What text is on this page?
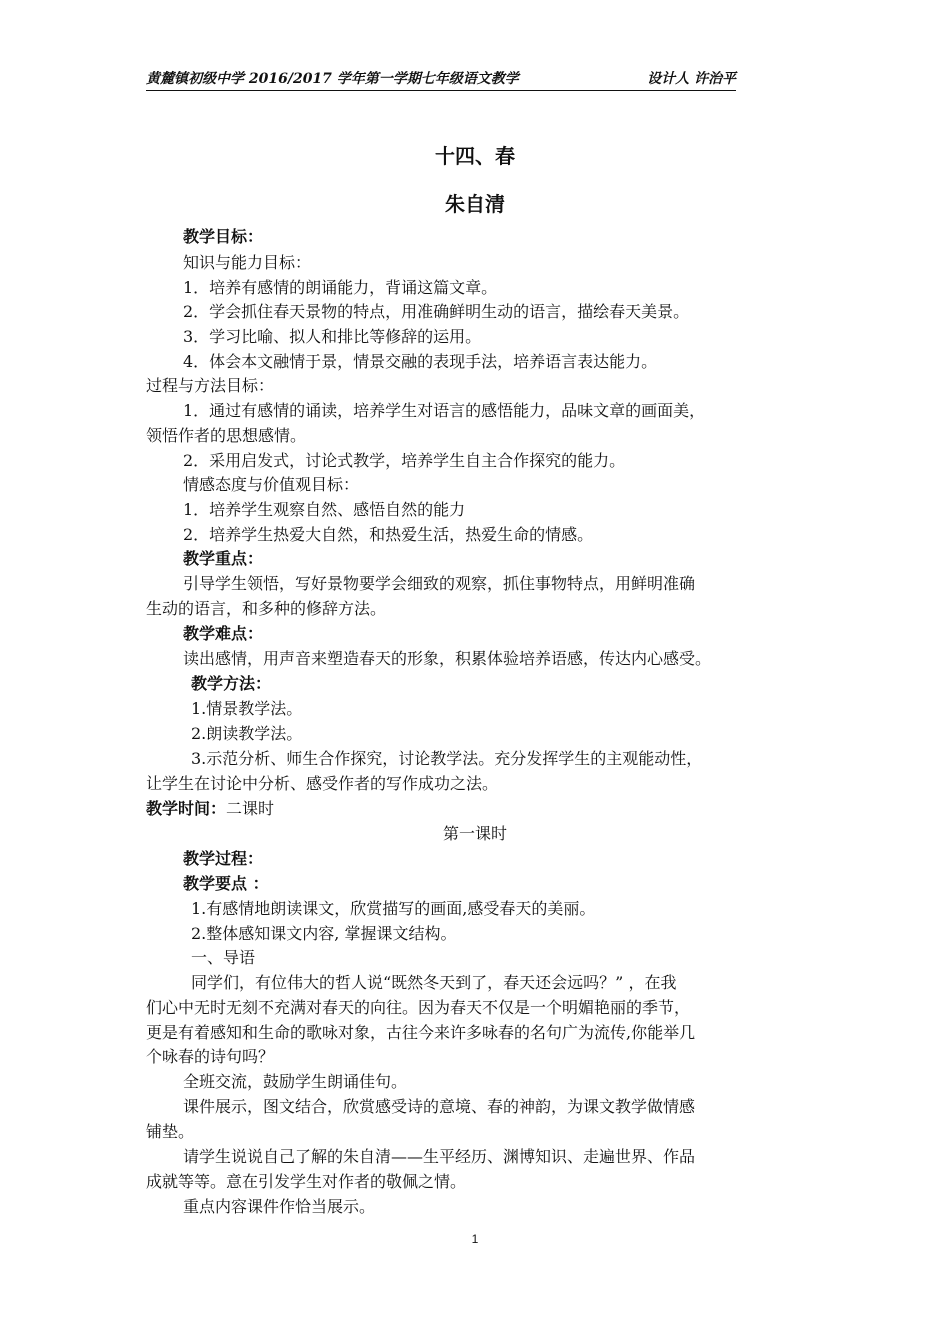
黄麓镇初级中学 2016/2017 学年第一学期七年级语文教学	设计人 许治平
十四、春
朱自清
教学目标：
知识与能力目标：
1．培养有感情的朗诵能力，背诵这篇文章。
2．学会抓住春天景物的特点，用准确鲜明生动的语言，描绘春天美景。
3．学习比喻、拟人和排比等修辞的运用。
4．体会本文融情于景，情景交融的表现手法，培养语言表达能力。
过程与方法目标：
1．通过有感情的诵读，培养学生对语言的感悟能力，品味文章的画面美，
领悟作者的思想感情。
2．采用启发式，讨论式教学，培养学生自主合作探究的能力。
情感态度与价值观目标：
1．培养学生观察自然、感悟自然的能力
2．培养学生热爱大自然，和热爱生活，热爱生命的情感。
教学重点：
引导学生领悟，写好景物要学会细致的观察，抓住事物特点，用鲜明准确
生动的语言，和多种的修辞方法。
教学难点：
读出感情，用声音来塑造春天的形象，积累体验培养语感，传达内心感受。
教学方法：
1.情景教学法。
2.朗读教学法。
3.示范分析、师生合作探究，讨论教学法。充分发挥学生的主观能动性，
让学生在讨论中分析、感受作者的写作成功之法。
教学时间：二课时
第一课时
教学过程：
教学要点 ：
1.有感情地朗读课文，欣赏描写的画面,感受春天的美丽。
2.整体感知课文内容, 掌握课文结构。
一、导语
同学们，有位伟大的哲人说“既然冬天到了，春天还会远吗？” ，在我
们心中无时无刻不充满对春天的向往。因为春天不仅是一个明媚艳丽的季节，
更是有着感知和生命的歌咏对象，古往今来许多咏春的名句广为流传,你能举几
个咏春的诗句吗？
全班交流，鼓励学生朗诵佳句。
课件展示，图文结合，欣赏感受诗的意境、春的神韵，为课文教学做情感
铺垫。
请学生说说自己了解的朱自清——生平经历、渊博知识、走遍世界、作品
成就等等。意在引发学生对作者的敬佩之情。
重点内容课件作恰当展示。
1
